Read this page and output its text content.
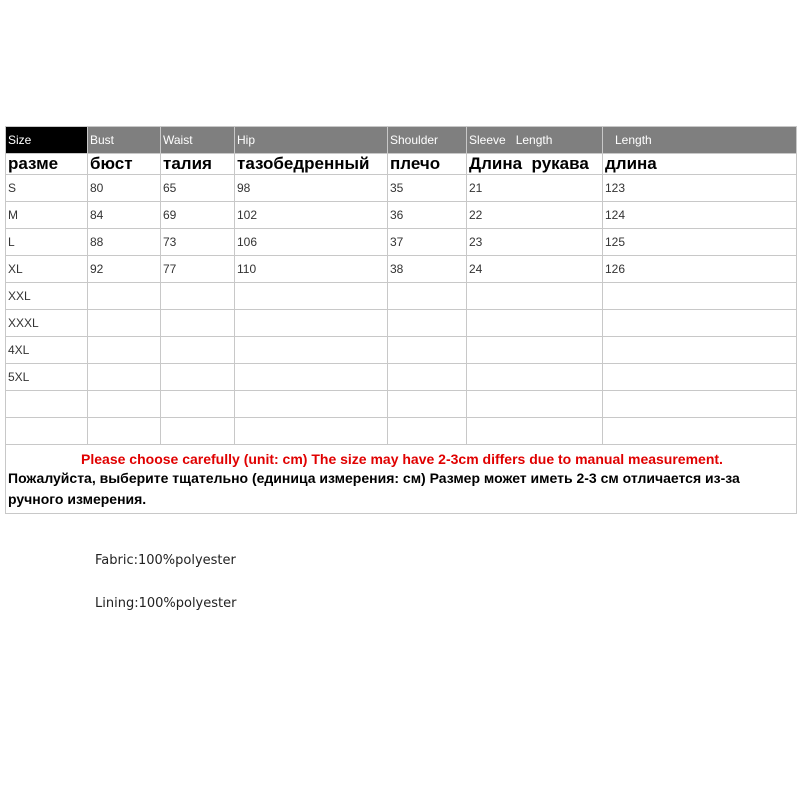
Size	Bust	Waist	Hip	Shoulder	Sleeve   Length	Length
разме	бюст	талия	тазобедренный	плечо	Длина  рукава	длина
S	80	65	98	35	21	123
M	84	69	102	36	22	124
L	88	73	106	37	23	125
XL	92	77	110	38	24	126
XXL						
XXXL						
4XL						
5XL						

Please choose carefully (unit: cm) The size may have 2-3cm differs due to manual measurement.
Пожалуйста, выберите тщательно (единица измерения: см) Размер может иметь 2-3 см отличается из-за ручного измерения.						
Fabric:100%polyester
Lining:100%polyester
